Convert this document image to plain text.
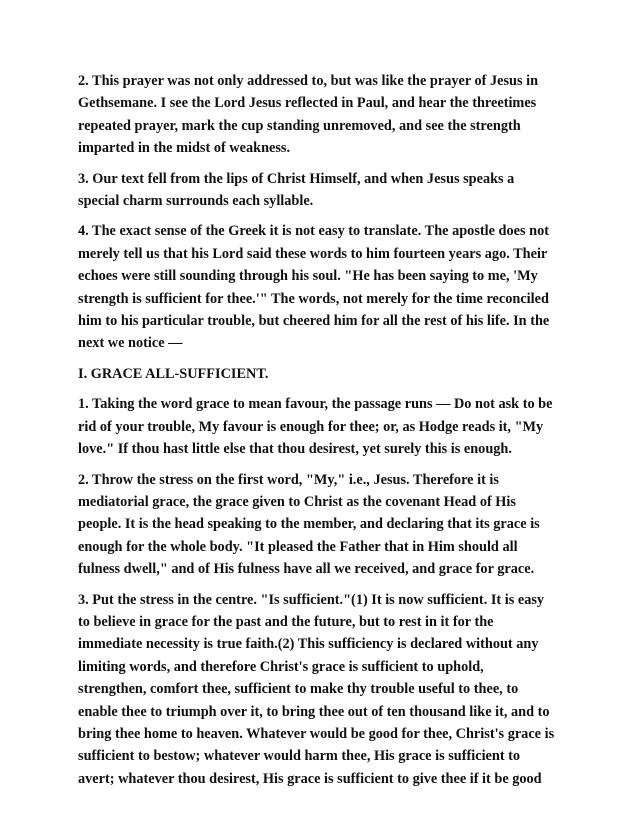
2. This prayer was not only addressed to, but was like the prayer of Jesus in
Gethsemane. I see the Lord Jesus reflected in Paul, and hear the threetimes
repeated prayer, mark the cup standing unremoved, and see the strength
imparted in the midst of weakness.
3. Our text fell from the lips of Christ Himself, and when Jesus speaks a
special charm surrounds each syllable.
4. The exact sense of the Greek it is not easy to translate. The apostle does not
merely tell us that his Lord said these words to him fourteen years ago. Their
echoes were still sounding through his soul. "He has been saying to me, 'My
strength is sufficient for thee.'" The words, not merely for the time reconciled
him to his particular trouble, but cheered him for all the rest of his life. In the
next we notice —
I. GRACE ALL-SUFFICIENT.
1. Taking the word grace to mean favour, the passage runs — Do not ask to be
rid of your trouble, My favour is enough for thee; or, as Hodge reads it, "My
love." If thou hast little else that thou desirest, yet surely this is enough.
2. Throw the stress on the first word, "My," i.e., Jesus. Therefore it is
mediatorial grace, the grace given to Christ as the covenant Head of His
people. It is the head speaking to the member, and declaring that its grace is
enough for the whole body. "It pleased the Father that in Him should all
fulness dwell," and of His fulness have all we received, and grace for grace.
3. Put the stress in the centre. "Is sufficient."(1) It is now sufficient. It is easy
to believe in grace for the past and the future, but to rest in it for the
immediate necessity is true faith.(2) This sufficiency is declared without any
limiting words, and therefore Christ's grace is sufficient to uphold,
strengthen, comfort thee, sufficient to make thy trouble useful to thee, to
enable thee to triumph over it, to bring thee out of ten thousand like it, and to
bring thee home to heaven. Whatever would be good for thee, Christ's grace is
sufficient to bestow; whatever would harm thee, His grace is sufficient to
avert; whatever thou desirest, His grace is sufficient to give thee if it be good
